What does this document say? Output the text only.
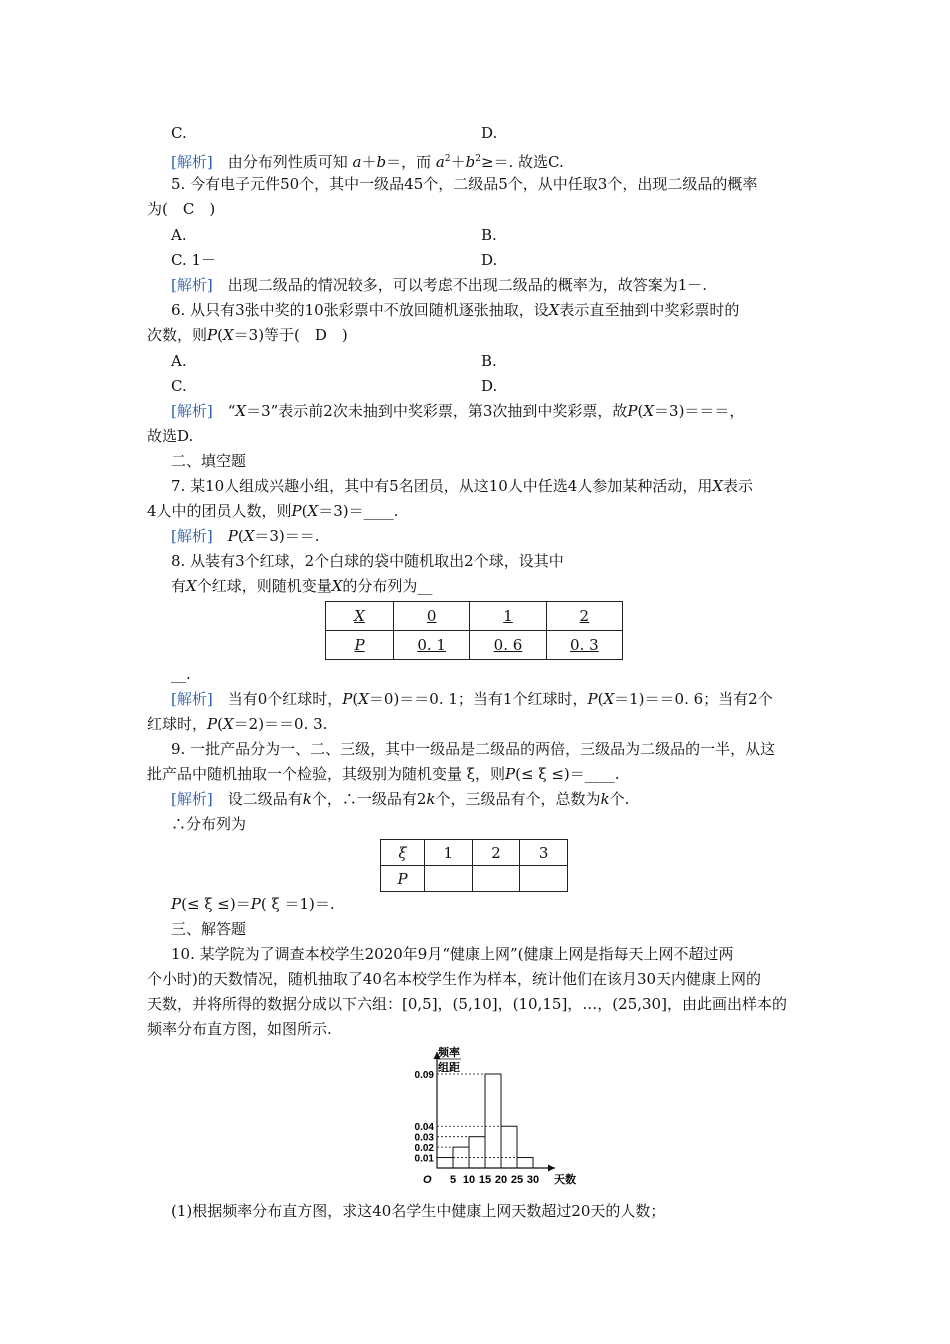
C.	D.
[解析]　 由分布列性质可知 a＋b＝，而 $a^2+b^2\ge=$. 故选C.
5. 今有电子元件50个，其中一级品45个，二级品5个，从中任取3个，出现二级品的概率
为(　C　)
A.	B.
C. 1－	D.
[解析]　出现二级品的情况较多，可以考虑不出现二级品的概率为，故答案为1－.
6. 从只有3张中奖的10张彩票中不放回随机逐张抽取，设X表示直至抽到中奖彩票时的
次数，则P(X＝3)等于(　D　)
A.	B.
C.	D.
[解析]　“X＝3”表示前2次未抽到中奖彩票，第3次抽到中奖彩票，故P(X＝3)＝＝＝，
故选D.
二、填空题
7. 某10人组成兴趣小组，其中有5名团员，从这10人中任选4人参加某种活动，用X表示
4人中的团员人数，则P(X＝3)＝____.
[解析]　 P(X＝3)＝＝.
8. 从装有3个红球，2个白球的袋中随机取出2个球，设其中
有X个红球，则随机变量X的分布列为__
X	0	1	2
P	0. 1	0. 6	0. 3
__.
[解析]　当有0个红球时，P(X＝0)＝＝0. 1；当有1个红球时，P(X＝1)＝＝0. 6；当有2个
红球时，P(X＝2)＝＝0. 3.
9. 一批产品分为一、二、三级，其中一级品是二级品的两倍，三级品为二级品的一半，从这
批产品中随机抽取一个检验，其级别为随机变量 ξ，则P(≤ ξ ≤)＝____.
[解析]　设二级品有k个，∴一级品有2k个，三级品有个，总数为k个.
∴分布列为
ξ	1	2	3
P			
P(≤ ξ ≤)＝P( ξ ＝1)＝.
三、解答题
10. 某学院为了调查本校学生2020年9月“健康上网”(健康上网是指每天上网不超过两
个小时)的天数情况，随机抽取了40名本校学生作为样本，统计他们在该月30天内健康上网的
天数，并将所得的数据分成以下六组：[0,5]，(5,10]，(10,15]，…，(25,30]，由此画出样本的
频率分布直方图，如图所示.
0.09
0.04
0.03
0.02
0.01
5 10 15 20 25 30
频率
组距
天数
O
(1)根据频率分布直方图，求这40名学生中健康上网天数超过20天的人数；
